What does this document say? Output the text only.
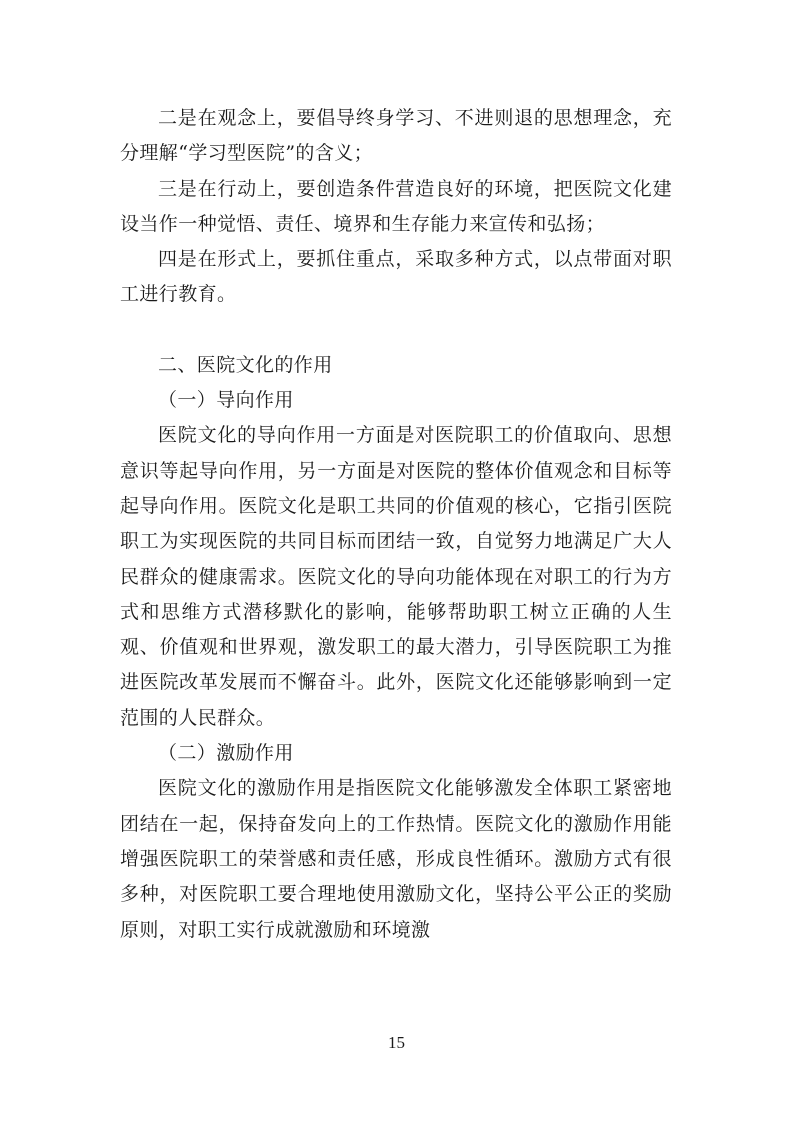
二是在观念上，要倡导终身学习、不进则退的思想理念，充分理解“学习型医院”的含义；

三是在行动上，要创造条件营造良好的环境，把医院文化建设当作一种觉悟、责任、境界和生存能力来宣传和弘扬；

四是在形式上，要抓住重点，采取多种方式，以点带面对职工进行教育。

二、医院文化的作用

（一）导向作用

医院文化的导向作用一方面是对医院职工的价值取向、思想意识等起导向作用，另一方面是对医院的整体价值观念和目标等起导向作用。医院文化是职工共同的价值观的核心，它指引医院职工为实现医院的共同目标而团结一致，自觉努力地满足广大人民群众的健康需求。医院文化的导向功能体现在对职工的行为方式和思维方式潜移默化的影响，能够帮助职工树立正确的人生观、价值观和世界观，激发职工的最大潜力，引导医院职工为推进医院改革发展而不懈奋斗。此外，医院文化还能够影响到一定范围的人民群众。

（二）激励作用

医院文化的激励作用是指医院文化能够激发全体职工紧密地团结在一起，保持奋发向上的工作热情。医院文化的激励作用能增强医院职工的荣誉感和责任感，形成良性循环。激励方式有很多种，对医院职工要合理地使用激励文化，坚持公平公正的奖励原则，对职工实行成就激励和环境激

15
